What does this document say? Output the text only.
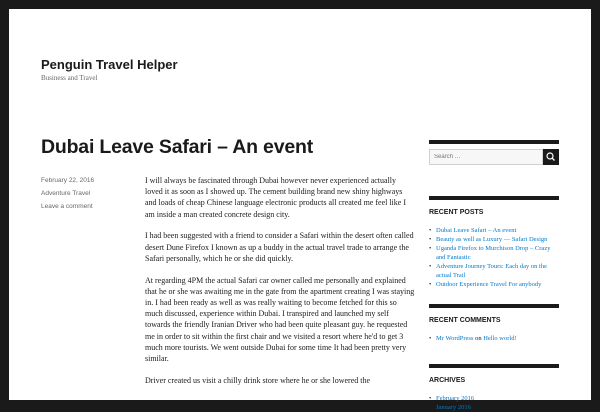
Penguin Travel Helper

Business and Travel

Dubai Leave Safari – An event
February 22, 2016
Adventure Travel
Leave a comment

I will always be fascinated through Dubai however never experienced actually loved it as soon as I showed up. The cement building brand new shiny highways and loads of cheap Chinese language electronic products all created me feel like I am inside a man created concrete design city.

I had been suggested with a friend to consider a Safari within the desert often called desert Dune Firefox I known as up a buddy in the actual travel trade to arrange the Safari personally, which he or she did quickly.

At regarding 4PM the actual Safari car owner called me personally and explained that he or she was awaiting me in the gate from the apartment creating I was staying in. I had been ready as well as was really waiting to become fetched for this so much discussed, experience within Dubai. I transpired and launched my self towards the friendly Iranian Driver who had been quite pleasant guy. he requested me in order to sit within the first chair and we visited a resort where he'd to get 3 much more tourists. We went outside Dubai for some time It had been pretty very similar.

Driver created us visit a chilly drink store where he or she lowered the

Search …
RECENT POSTS
• Dubai Leave Safari – An event
• Beauty as well as Luxury — Safari Design
• Uganda Firefox to Murchison Drop – Crazy and Fantastic
• Adventure Journey Tours: Each day on the actual Trail
• Outdoor Experience Travel For anybody
RECENT COMMENTS
• Mr WordPress on Hello world!
ARCHIVES
• February 2016
• January 2016
